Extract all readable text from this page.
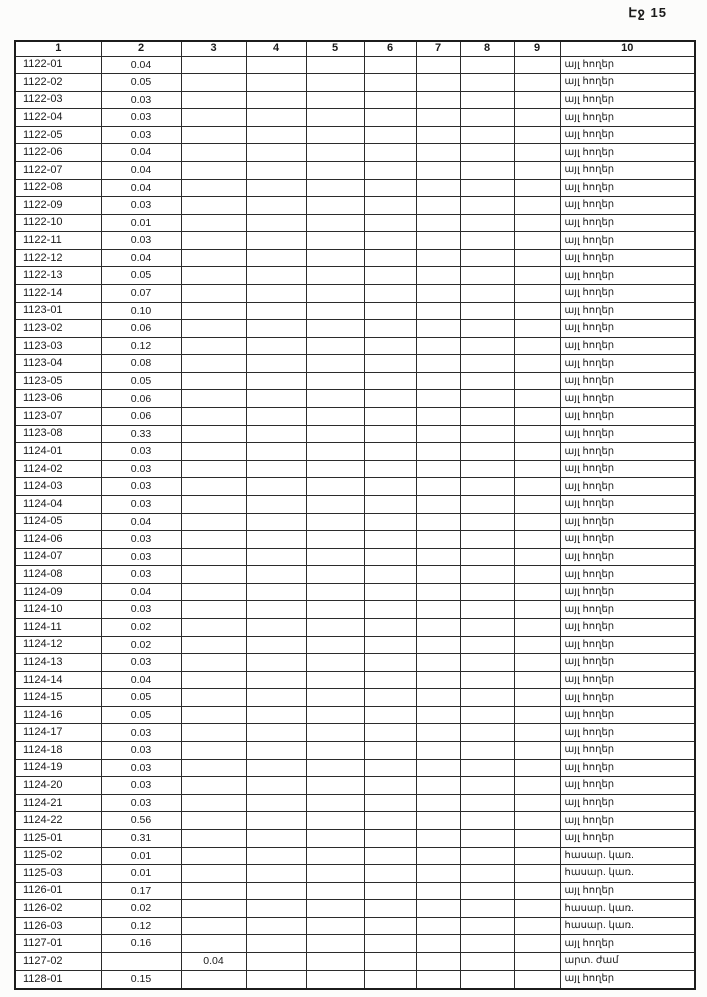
Էջ 15
1	2	3	4	5	6	7	8	9	10
1122-01	0.04								այլ հողեր
1122-02	0.05								այլ հողեր
1122-03	0.03								այլ հողեր
1122-04	0.03								այլ հողեր
1122-05	0.03								այլ հողեր
1122-06	0.04								այլ հողեր
1122-07	0.04								այլ հողեր
1122-08	0.04								այլ հողեր
1122-09	0.03								այլ հողեր
1122-10	0.01								այլ հողեր
1122-11	0.03								այլ հողեր
1122-12	0.04								այլ հողեր
1122-13	0.05								այլ հողեր
1122-14	0.07								այլ հողեր
1123-01	0.10								այլ հողեր
1123-02	0.06								այլ հողեր
1123-03	0.12								այլ հողեր
1123-04	0.08								այլ հողեր
1123-05	0.05								այլ հողեր
1123-06	0.06								այլ հողեր
1123-07	0.06								այլ հողեր
1123-08	0.33								այլ հողեր
1124-01	0.03								այլ հողեր
1124-02	0.03								այլ հողեր
1124-03	0.03								այլ հողեր
1124-04	0.03								այլ հողեր
1124-05	0.04								այլ հողեր
1124-06	0.03								այլ հողեր
1124-07	0.03								այլ հողեր
1124-08	0.03								այլ հողեր
1124-09	0.04								այլ հողեր
1124-10	0.03								այլ հողեր
1124-11	0.02								այլ հողեր
1124-12	0.02								այլ հողեր
1124-13	0.03								այլ հողեր
1124-14	0.04								այլ հողեր
1124-15	0.05								այլ հողեր
1124-16	0.05								այլ հողեր
1124-17	0.03								այլ հողեր
1124-18	0.03								այլ հողեր
1124-19	0.03								այլ հողեր
1124-20	0.03								այլ հողեր
1124-21	0.03								այլ հողեր
1124-22	0.56								այլ հողեր
1125-01	0.31								այլ հողեր
1125-02	0.01								հասար. կառ.
1125-03	0.01								հասար. կառ.
1126-01	0.17								այլ հողեր
1126-02	0.02								հասար. կառ.
1126-03	0.12								հասար. կառ.
1127-01	0.16								այլ հողեր
1127-02		0.04							արտ. ժամ
1128-01	0.15								այլ հողեր
